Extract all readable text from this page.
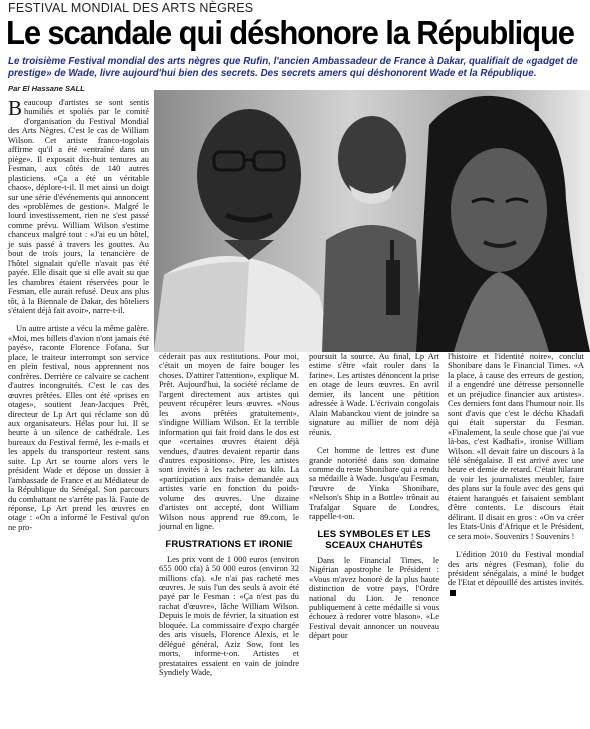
FESTIVAL MONDIAL DES ARTS NÈGRES
Le scandale qui déshonore la République
Le troisième Festival mondial des arts nègres que Rufin, l'ancien Ambassadeur de France à Dakar, qualifiait de «gadget de prestige» de Wade, livre aujourd'hui bien des secrets. Des secrets amers qui déshonorent Wade et la République.
Par El Hassane SALL

Beaucoup d'artistes se sont sentis humiliés et spoliés par le comité d'organisation du Festival Mondial des Arts Nègres. C'est le cas de William Wilson. Cet artiste franco-togolais affirme qu'il a été «entraîné dans un piège». Il exposait dix-huit tentures au Fesman, aux côtés de 140 autres plasticiens. «Ça a été un véritable chaos», déplore-t-il. Il met ainsi un doigt sur une série d'événements qui annoncent des «problèmes de gestion». Malgré le lourd investissement, rien ne s'est passé comme prévu. William Wilson s'estime chanceux malgré tout : «J'ai eu un hôtel, je suis passé à travers les gouttes. Au bout de trois jours, la tenancière de l'hôtel signalait qu'elle n'avait pas été payée. Elle disait que si elle avait su que les chambres étaient réservées pour le Fesman, elle aurait refusé. Deux ans plus tôt, à la Biennale de Dakar, des hôteliers s'étaient déjà fait avoir», narre-t-il.

Un autre artiste a vécu la même galère. «Moi, mes billets d'avion n'ont jamais été payés», raconte Florence Fofana. Sur place, le traiteur interrompt son service en plein festival, nous apprennent nos confrères. Derrière ce calvaire se cachent d'autres incongruités. C'est le cas des œuvres prêtées. Elles ont été «prises en otages», soutient Jean-Jacques Prêt, directeur de Lp Art qui réclame son dû aux organisateurs. Hélas pour lui. Il se heurte à un silence de cathédrale. Les bureaux du Festival fermé, les e-mails et les appels du transporteur restent sans suite. Lp Art se tourne alors vers le président Wade et dépose un dossier à l'ambassade de France et au Médiateur de la République du Sénégal. Son parcours du combattant ne s'arrête pas là. Faute de réponse, Lp Art prend les œuvres en otage : «On a informé le Festival qu'on ne pro-

céderait pas aux restitutions. Pour moi, c'était un moyen de faire bouger les choses. D'attirer l'attention», explique M. Prêt. Aujourd'hui, la société réclame de l'argent directement aux artistes qui peuvent récupérer leurs œuvres. «Nous les avons prêtées gratuitement», s'indigne William Wilson. Et la terrible information qui fait froid dans le dos est que «certaines œuvres étaient déjà vendues, d'autres devaient repartir dans d'autres expositions». Pire, les artistes sont invités à les racheter au kilo. La «participation aux frais» demandée aux artistes varie en fonction du poids-volume des œuvres. Une dizaine d'artistes ont accepté, dont William Wilson nous apprend rue 89.com, le journal en ligne.

FRUSTRATIONS ET IRONIE

Les prix vont de 1 000 euros (environ 655 000 cfa) à 50 000 euros (environ 32 millions cfa). «Je n'ai pas racheté mes œuvres. Je suis l'un des seuls à avoir été payé par le Fesman : «Ça n'est pas du rachat d'œuvre», lâche William Wilson. Depuis le mois de février, la situation est bloquée. La commissaire d'expo chargée des arts visuels, Florence Alexis, et le délégué général, Aziz Sow, font les morts, informe-t-on. Artistes et prestataires essaient en vain de joindre Syndiely Wade,

poursuit la source. Au final, Lp Art estime s'être «fait rouler dans la farine». Les artistes dénoncent la prise en otage de leurs œuvres. En avril dernier, ils lancent une pétition adressée à Wade. L'écrivain congolais Alain Mabanckou vient de joindre sa signature au millier de nom déjà réunis.

Cet homme de lettres est d'une grande notoriété dans son domaine comme du reste Shonibare qui a rendu sa médaille à Wade. Jusqu'au Fesman, l'œuvre de Yinka Shonibare, «Nelson's Ship in a Bottle» trônait au Trafalgar Square de Londres, rappelle-t-on.

LES SYMBOLES ET LES SCEAUX CHAHUTÉS

Dans le Financial Times, le Nigérian apostrophe le Président : «Vous m'avez honoré de la plus haute distinction de votre pays, l'Ordre national du Lion. Je renonce publiquement à cette médaille si vous échouez à redorer votre blason». «Le Festival devait annoncer un nouveau départ pour

l'histoire et l'identité noire», conclut Shonibare dans le Financial Times. «A la place, à cause des erreurs de gestion, il a engendré une détresse personnelle et un préjudice financier aux artistes». Ces derniers font dans l'humour noir. Ils sont d'avis que c'est le déchu Khadafi qui était superstar du Fesman. «Finalement, la seule chose que j'ai vue là-bas, c'est Kadhafi», ironise William Wilson. «Il devait faire un discours à la télé sénégalaise. Il est arrivé avec une heure et demie de retard. C'était hilarant de voir les journalistes meubler, faire des plans sur la foule avec des gens qui étaient harangués et faisaient semblant d'être contents. Le discours était délirant. Il disait en gros : «On va créer les Etats-Unis d'Afrique et le Président, ce sera moi». Souvenirs ! Souvenirs !

L'édition 2010 du Festival mondial des arts nègres (Fesman), folie du président sénégalais, a miné le budget de l'Etat et dépouillé des artistes invités.
